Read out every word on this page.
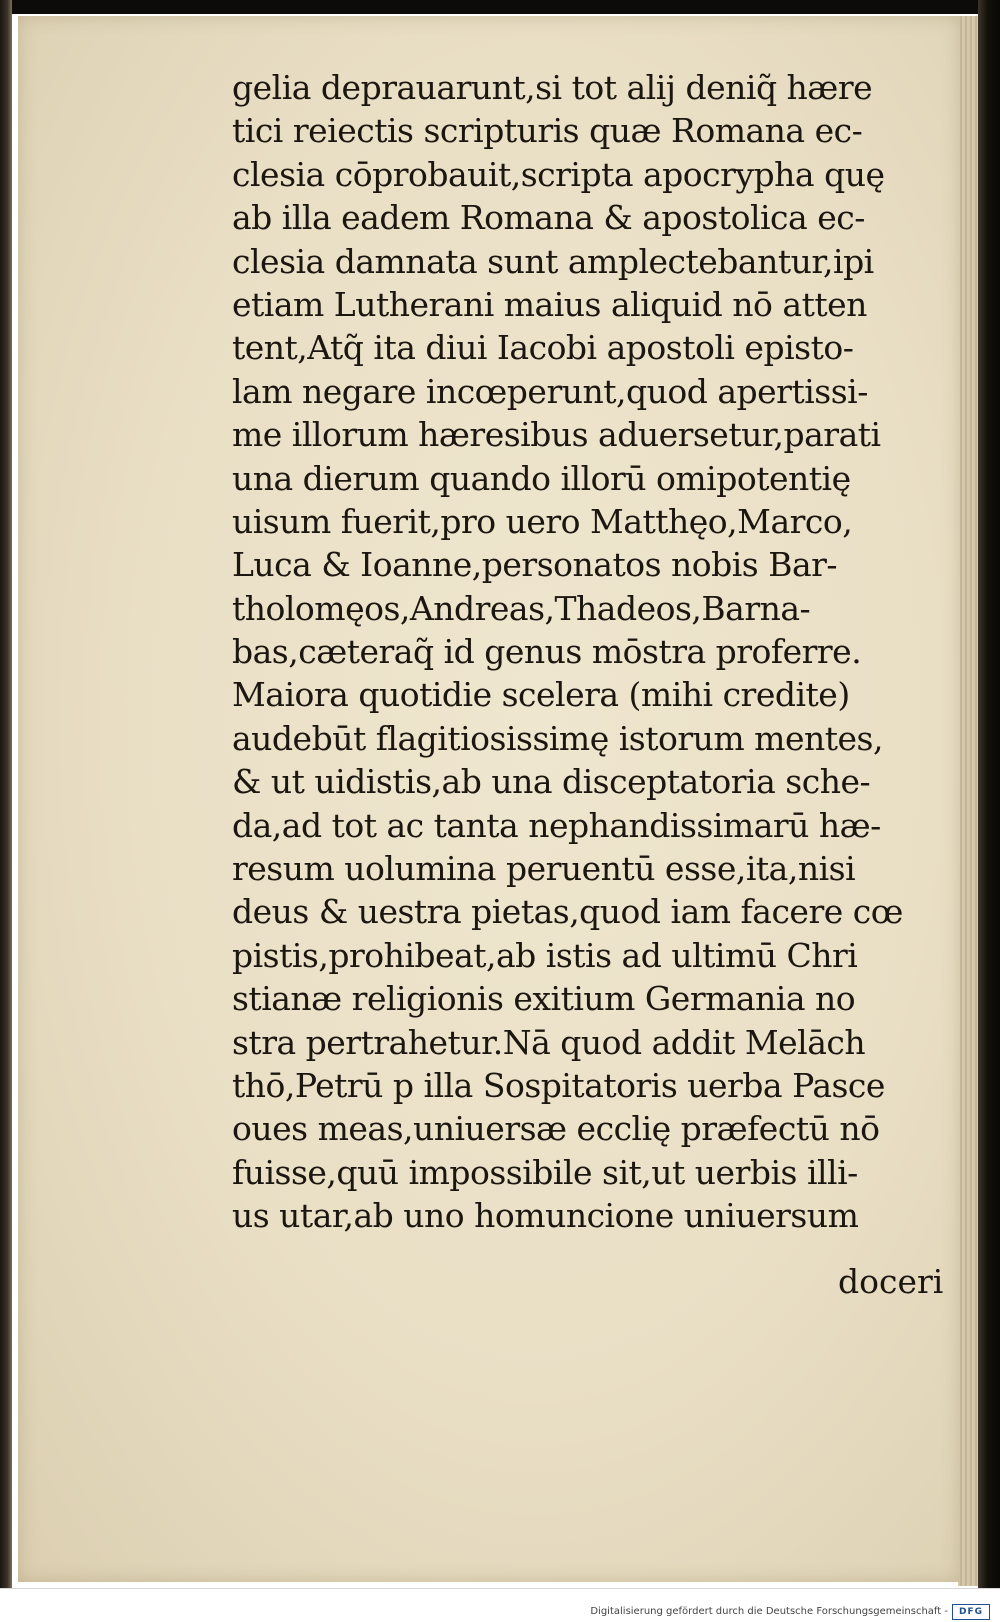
gelia deprauarunt,si tot alij deniq̃ hære
tici reiectis scripturis quæ Romana ec-
clesia cōprobauit,scripta apocrypha quę
ab illa eadem Romana & apostolica ec-
clesia damnata sunt amplectebantur,ipi
etiam Lutherani maius aliquid nō atten
tent,Atq̃ ita diui Iacobi apostoli episto-
lam negare incœperunt,quod apertissi-
me illorum hæresibus aduersetur,parati
una dierum quando illorū omipotentię
uisum fuerit,pro uero Matthęo,Marco,
Luca & Ioanne,personatos nobis Bar-
tholomęos,Andreas,Thadeos,Barna-
bas,cæteraq̃ id genus mōstra proferre.
Maiora quotidie scelera (mihi credite)
audebūt flagitiosissimę istorum mentes,
& ut uidistis,ab una disceptatoria sche-
da,ad tot ac tanta nephandissimarū hæ-
resum uolumina peruentū esse,ita,nisi
deus & uestra pietas,quod iam facere cœ
pistis,prohibeat,ab istis ad ultimū Chri
stianæ religionis exitium Germania no
stra pertrahetur.Nā quod addit Melāch
thō,Petrū p illa Sospitatoris uerba Pasce
oues meas,uniuersæ ecclię præfectū nō
fuisse,quū impossibile sit,ut uerbis illi-
us utar,ab uno homuncione uniuersum
doceri
Digitalisierung gefördert durch die Deutsche Forschungsgemeinschaft -	DFG
